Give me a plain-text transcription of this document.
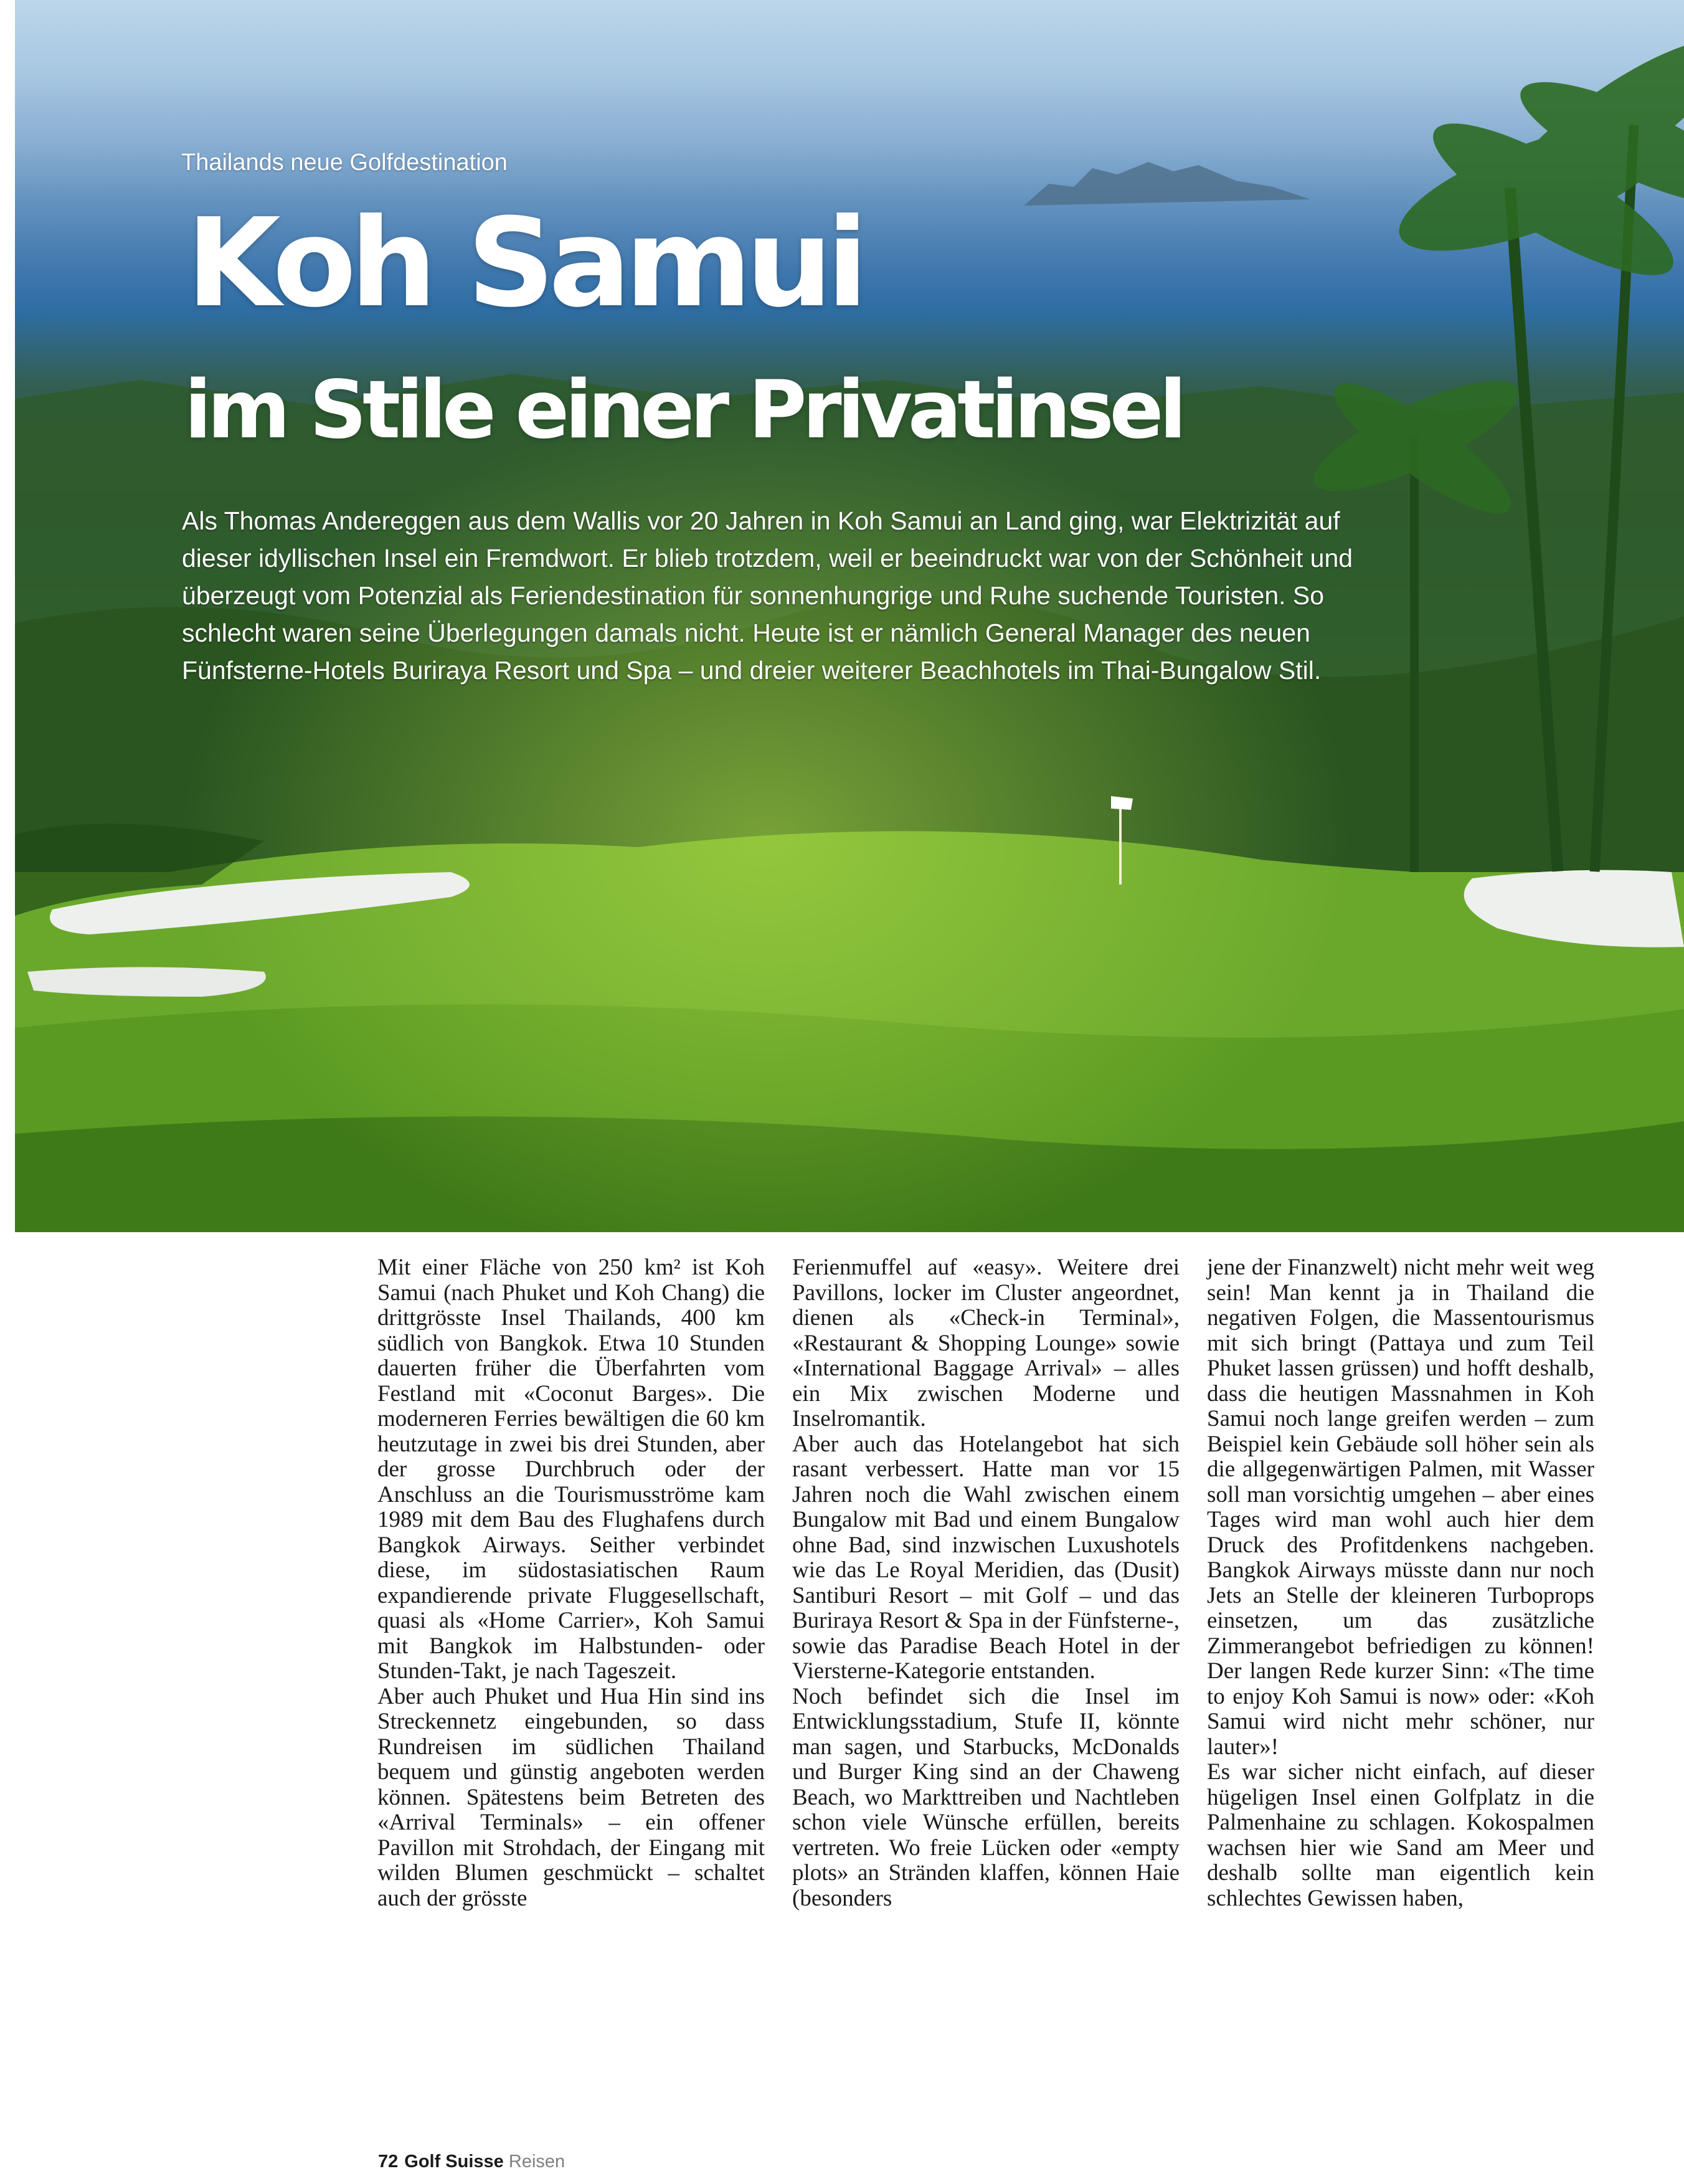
Thailands neue Golfdestination
Koh Samui
im Stile einer Privatinsel

Als Thomas Andereggen aus dem Wallis vor 20 Jahren in Koh Samui an Land ging, war Elektrizität auf dieser idyllischen Insel ein Fremdwort. Er blieb trotzdem, weil er beeindruckt war von der Schönheit und überzeugt vom Potenzial als Feriendestination für sonnenhungrige und Ruhe suchende Touristen. So schlecht waren seine Überlegungen damals nicht. Heute ist er nämlich General Manager des neuen Fünfsterne-Hotels Buriraya Resort und Spa – und dreier weiterer Beachhotels im Thai-Bungalow Stil.

Mit einer Fläche von 250 km² ist Koh Samui (nach Phuket und Koh Chang) die drittgrösste Insel Thailands, 400 km südlich von Bangkok. Etwa 10 Stunden dauerten früher die Überfahrten vom Festland mit «Coconut Barges». Die moderneren Ferries bewältigen die 60 km heutzutage in zwei bis drei Stunden, aber der grosse Durchbruch oder der Anschluss an die Tourismusströme kam 1989 mit dem Bau des Flughafens durch Bangkok Airways. Seither verbindet diese, im südostasiatischen Raum expandierende private Fluggesellschaft, quasi als «Home Carrier», Koh Samui mit Bangkok im Halbstunden- oder Stunden-Takt, je nach Tageszeit.

Aber auch Phuket und Hua Hin sind ins Streckennetz eingebunden, so dass Rundreisen im südlichen Thailand bequem und günstig angeboten werden können. Spätestens beim Betreten des «Arrival Terminals» – ein offener Pavillon mit Strohdach, der Eingang mit wilden Blumen geschmückt – schaltet auch der grösste

Ferienmuffel auf «easy». Weitere drei Pavillons, locker im Cluster angeordnet, dienen als «Check-in Terminal», «Restaurant & Shopping Lounge» sowie «International Baggage Arrival» – alles ein Mix zwischen Moderne und Inselromantik.

Aber auch das Hotelangebot hat sich rasant verbessert. Hatte man vor 15 Jahren noch die Wahl zwischen einem Bungalow mit Bad und einem Bungalow ohne Bad, sind inzwischen Luxushotels wie das Le Royal Meridien, das (Dusit) Santiburi Resort – mit Golf – und das Buriraya Resort & Spa in der Fünfsterne-, sowie das Paradise Beach Hotel in der Viersterne-Kategorie entstanden.

Noch befindet sich die Insel im Entwicklungsstadium, Stufe II, könnte man sagen, und Starbucks, McDonalds und Burger King sind an der Chaweng Beach, wo Markttreiben und Nachtleben schon viele Wünsche erfüllen, bereits vertreten. Wo freie Lücken oder «empty plots» an Stränden klaffen, können Haie (besonders

jene der Finanzwelt) nicht mehr weit weg sein! Man kennt ja in Thailand die negativen Folgen, die Massentourismus mit sich bringt (Pattaya und zum Teil Phuket lassen grüssen) und hofft deshalb, dass die heutigen Massnahmen in Koh Samui noch lange greifen werden – zum Beispiel kein Gebäude soll höher sein als die allgegenwärtigen Palmen, mit Wasser soll man vorsichtig umgehen – aber eines Tages wird man wohl auch hier dem Druck des Profitdenkens nachgeben. Bangkok Airways müsste dann nur noch Jets an Stelle der kleineren Turboprops einsetzen, um das zusätzliche Zimmerangebot befriedigen zu können! Der langen Rede kurzer Sinn: «The time to enjoy Koh Samui is now» oder: «Koh Samui wird nicht mehr schöner, nur lauter»!

Es war sicher nicht einfach, auf dieser hügeligen Insel einen Golfplatz in die Palmenhaine zu schlagen. Kokospalmen wachsen hier wie Sand am Meer und deshalb sollte man eigentlich kein schlechtes Gewissen haben,

72 Golf Suisse Reisen
